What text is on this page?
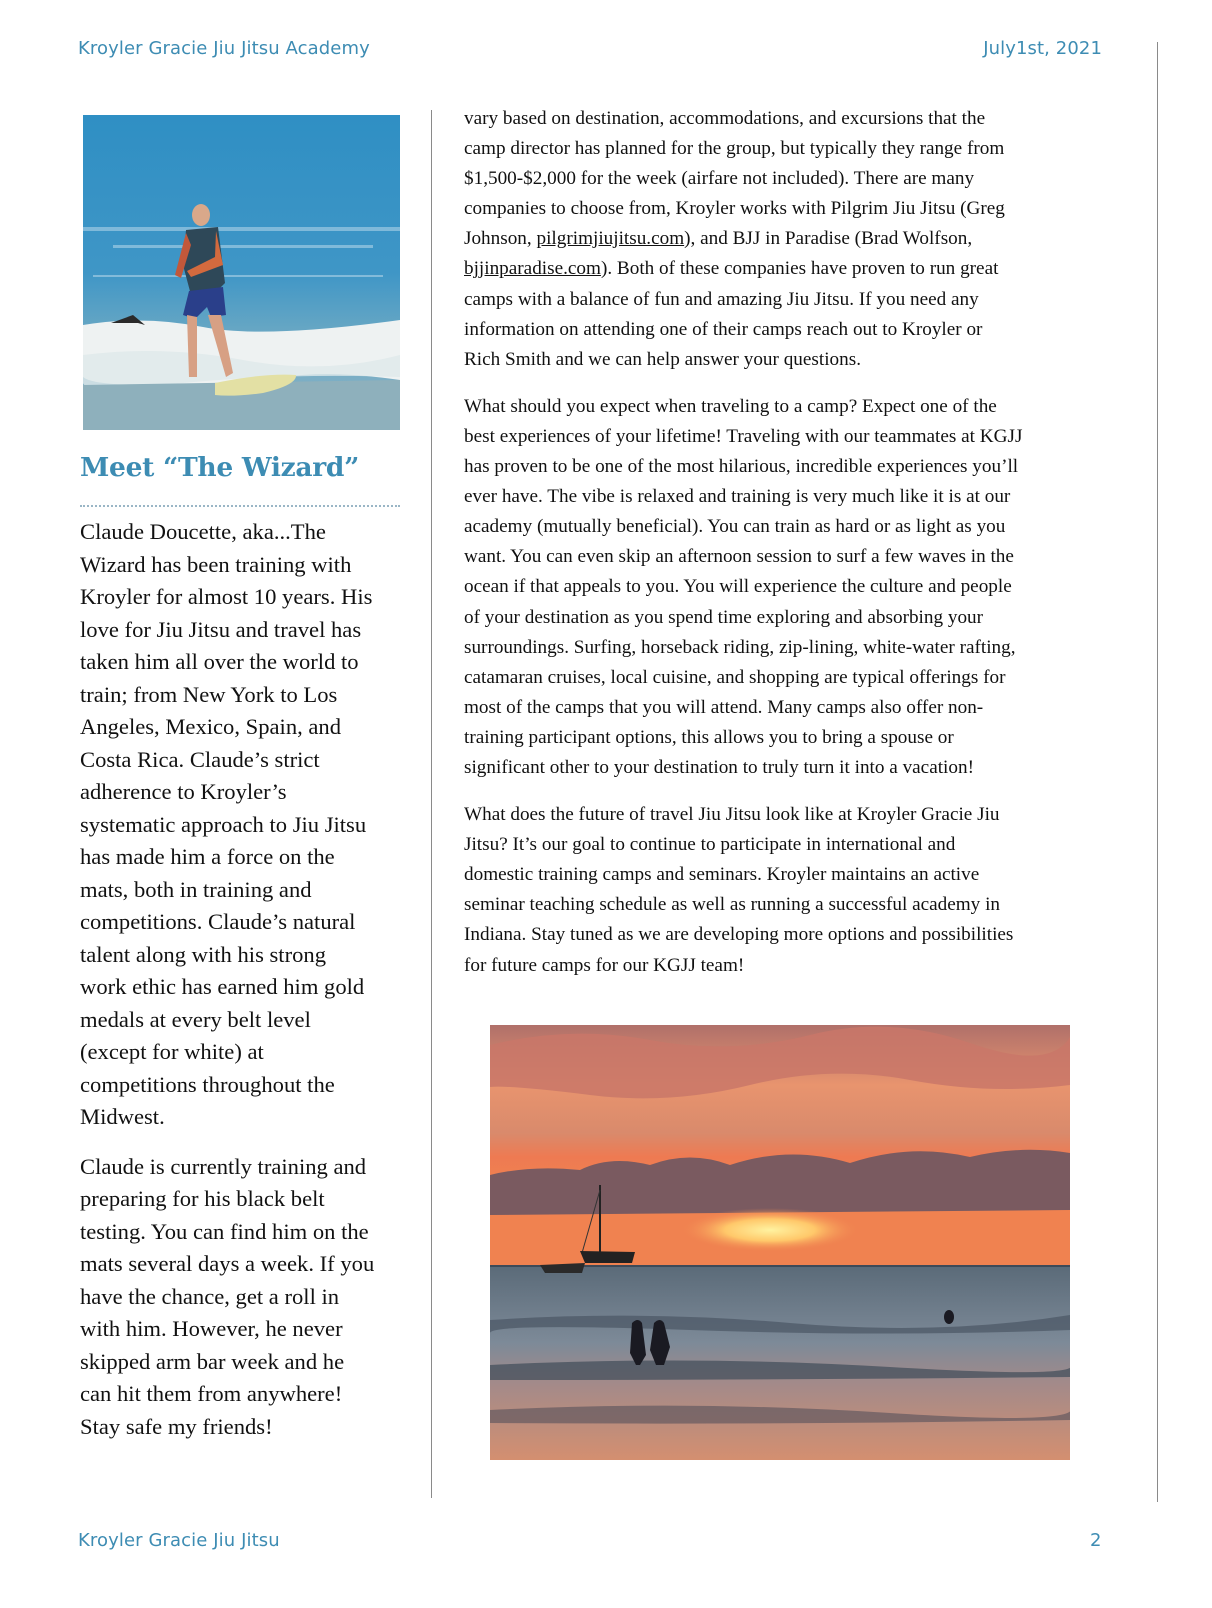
Kroyler Gracie Jiu Jitsu Academy	July1st, 2021
Meet “The Wizard”

Claude Doucette, aka...The
Wizard has been training with
Kroyler for almost 10 years. His
love for Jiu Jitsu and travel has
taken him all over the world to
train; from New York to Los
Angeles, Mexico, Spain, and
Costa Rica. Claude’s strict
adherence to Kroyler’s
systematic approach to Jiu Jitsu
has made him a force on the
mats, both in training and
competitions. Claude’s natural
talent along with his strong
work ethic has earned him gold
medals at every belt level
(except for white) at
competitions throughout the
Midwest.

Claude is currently training and
preparing for his black belt
testing. You can find him on the
mats several days a week. If you
have the chance, get a roll in
with him. However, he never
skipped arm bar week and he
can hit them from anywhere!
Stay safe my friends!

vary based on destination, accommodations, and excursions that the
camp director has planned for the group, but typically they range from
$1,500-$2,000 for the week (airfare not included). There are many
companies to choose from, Kroyler works with Pilgrim Jiu Jitsu (Greg
Johnson, pilgrimjiujitsu.com), and BJJ in Paradise (Brad Wolfson,
bjjinparadise.com). Both of these companies have proven to run great
camps with a balance of fun and amazing Jiu Jitsu. If you need any
information on attending one of their camps reach out to Kroyler or
Rich Smith and we can help answer your questions.

What should you expect when traveling to a camp? Expect one of the
best experiences of your lifetime! Traveling with our teammates at KGJJ
has proven to be one of the most hilarious, incredible experiences you’ll
ever have. The vibe is relaxed and training is very much like it is at our
academy (mutually beneficial). You can train as hard or as light as you
want. You can even skip an afternoon session to surf a few waves in the
ocean if that appeals to you. You will experience the culture and people
of your destination as you spend time exploring and absorbing your
surroundings. Surfing, horseback riding, zip-lining, white-water rafting,
catamaran cruises, local cuisine, and shopping are typical offerings for
most of the camps that you will attend. Many camps also offer non-
training participant options, this allows you to bring a spouse or
significant other to your destination to truly turn it into a vacation!

What does the future of travel Jiu Jitsu look like at Kroyler Gracie Jiu
Jitsu? It’s our goal to continue to participate in international and
domestic training camps and seminars. Kroyler maintains an active
seminar teaching schedule as well as running a successful academy in
Indiana. Stay tuned as we are developing more options and possibilities
for future camps for our KGJJ team!

Kroyler Gracie Jiu Jitsu	2
